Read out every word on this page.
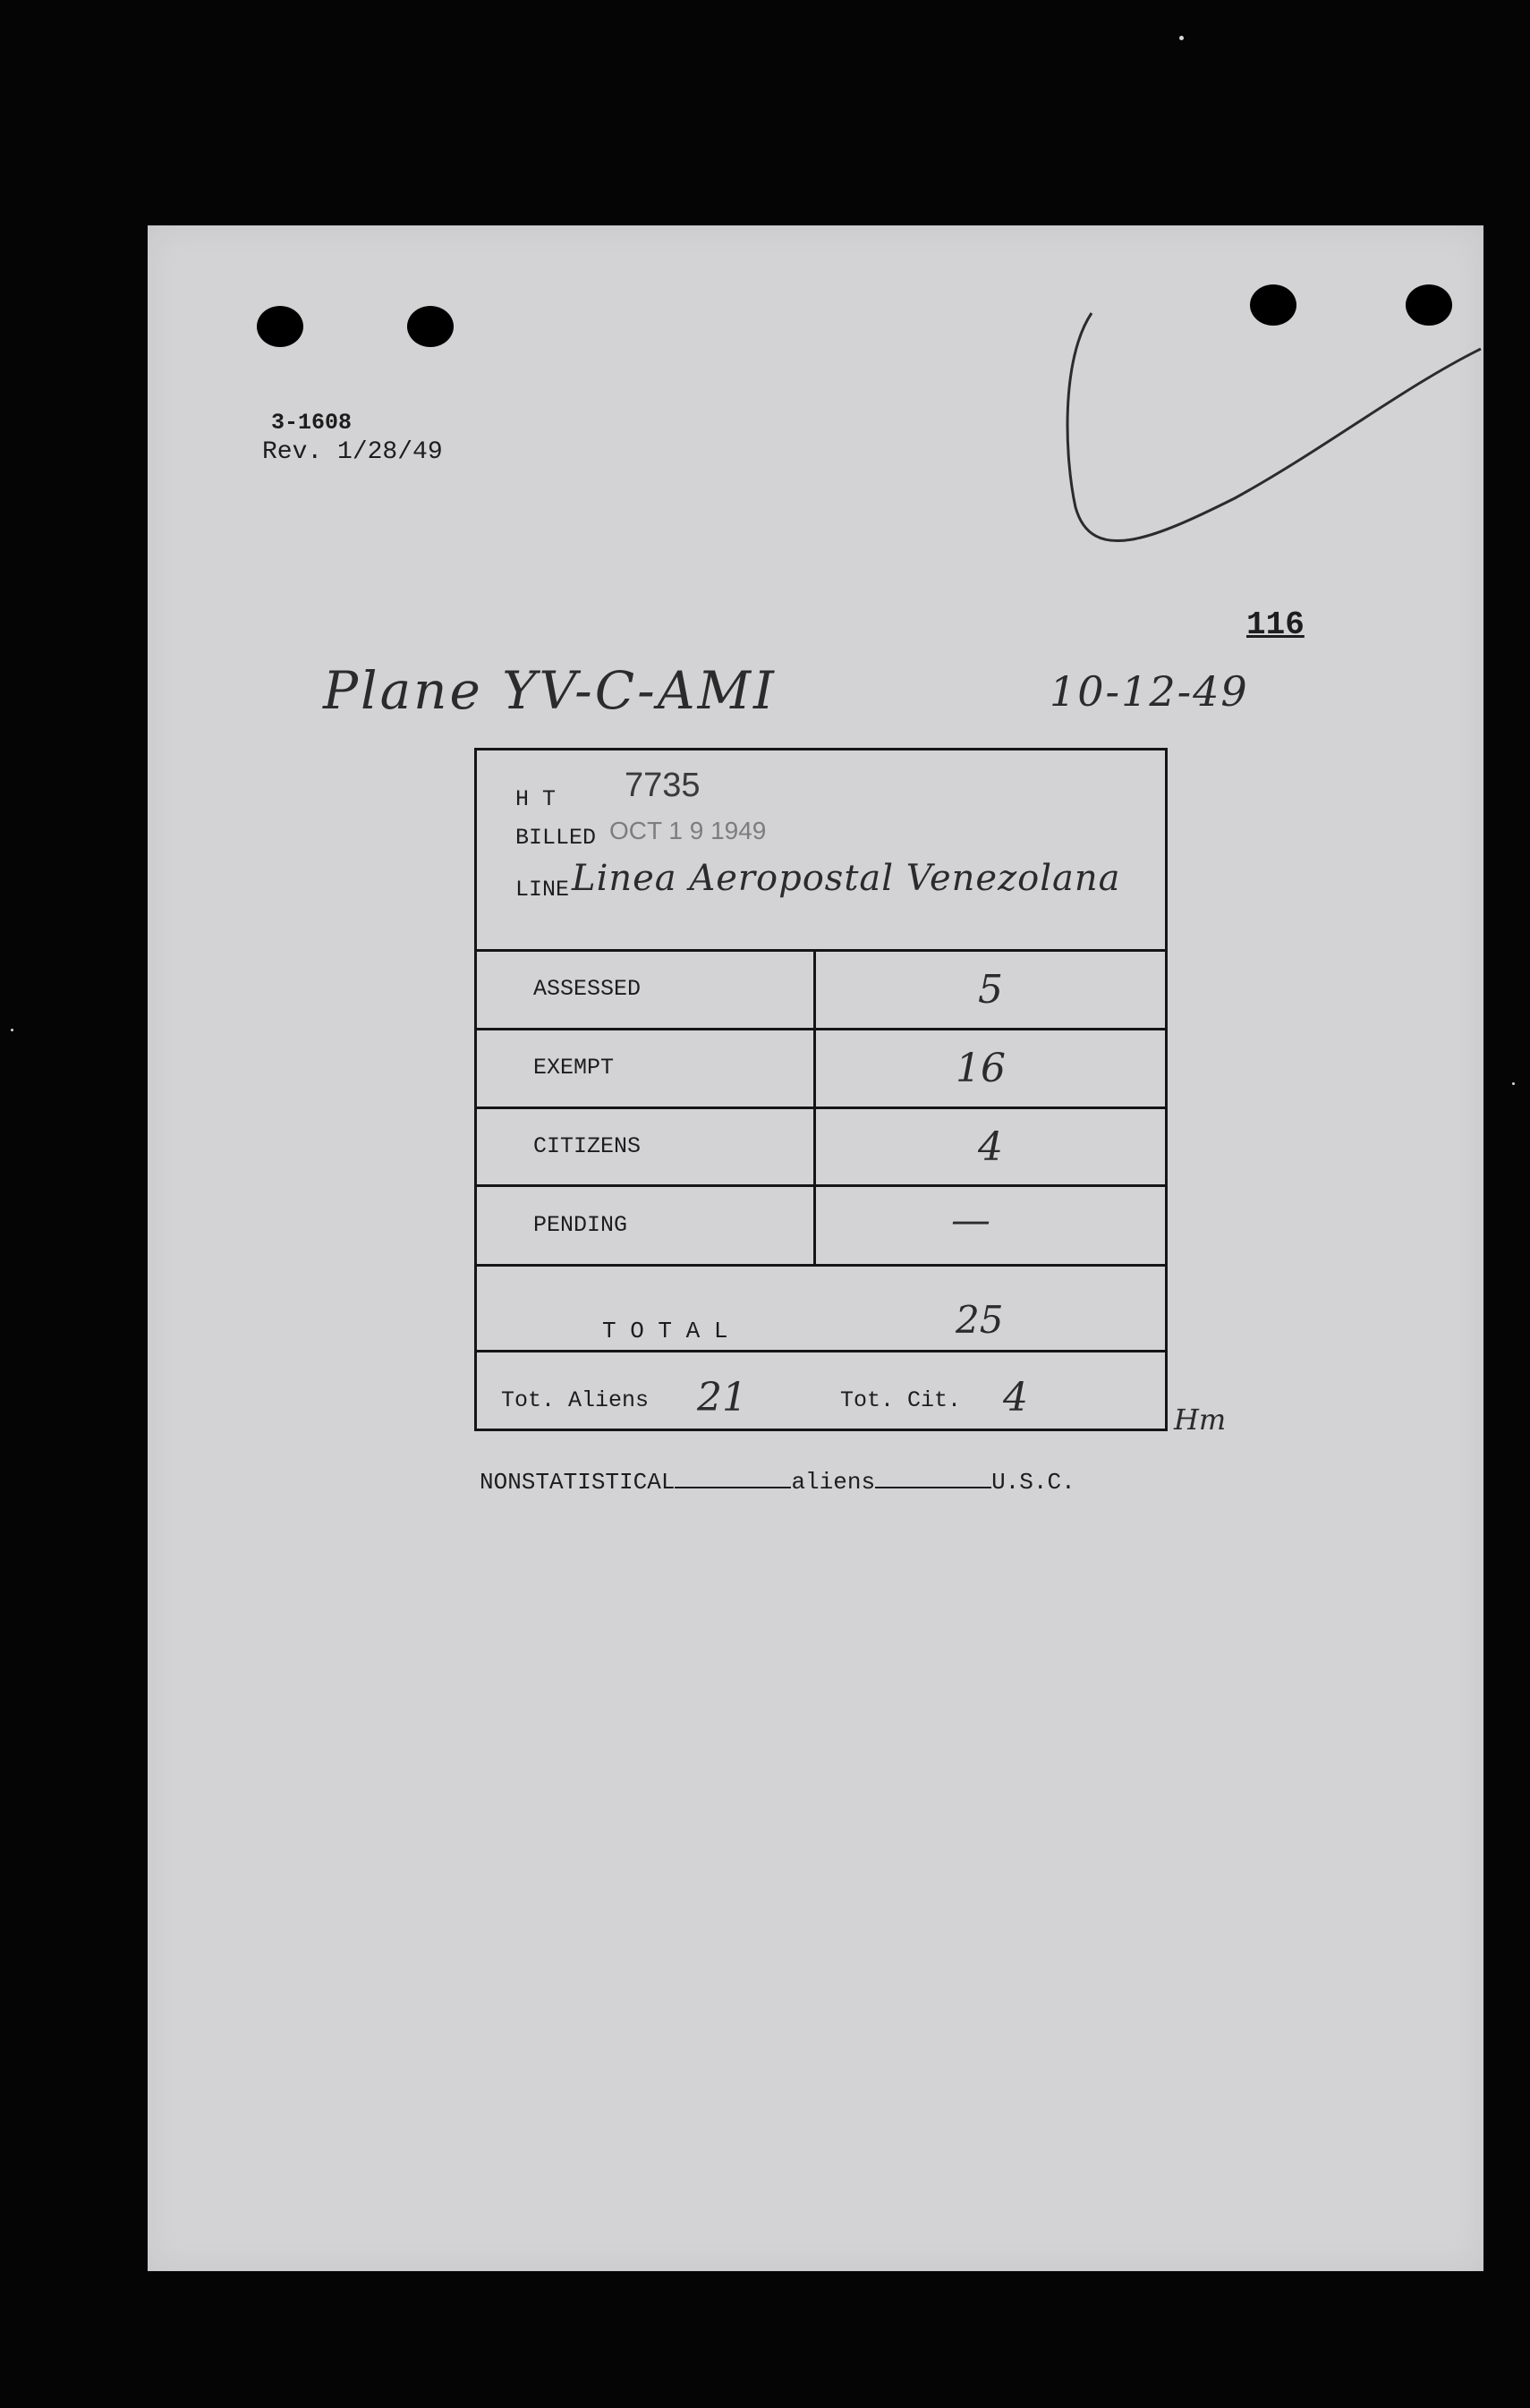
3-1608
Rev. 1/28/49
116
Plane YV-C-AMI	10-12-49
H T 7735
BILLED OCT 1 9 1949
LINE Linea Aeropostal Venezolana
ASSESSED	5
EXEMPT	16
CITIZENS	4
PENDING	—
T O T A L	25
Tot. Aliens 21	Tot. Cit. 4	Hm
NONSTATISTICAL	aliens	U.S.C.
